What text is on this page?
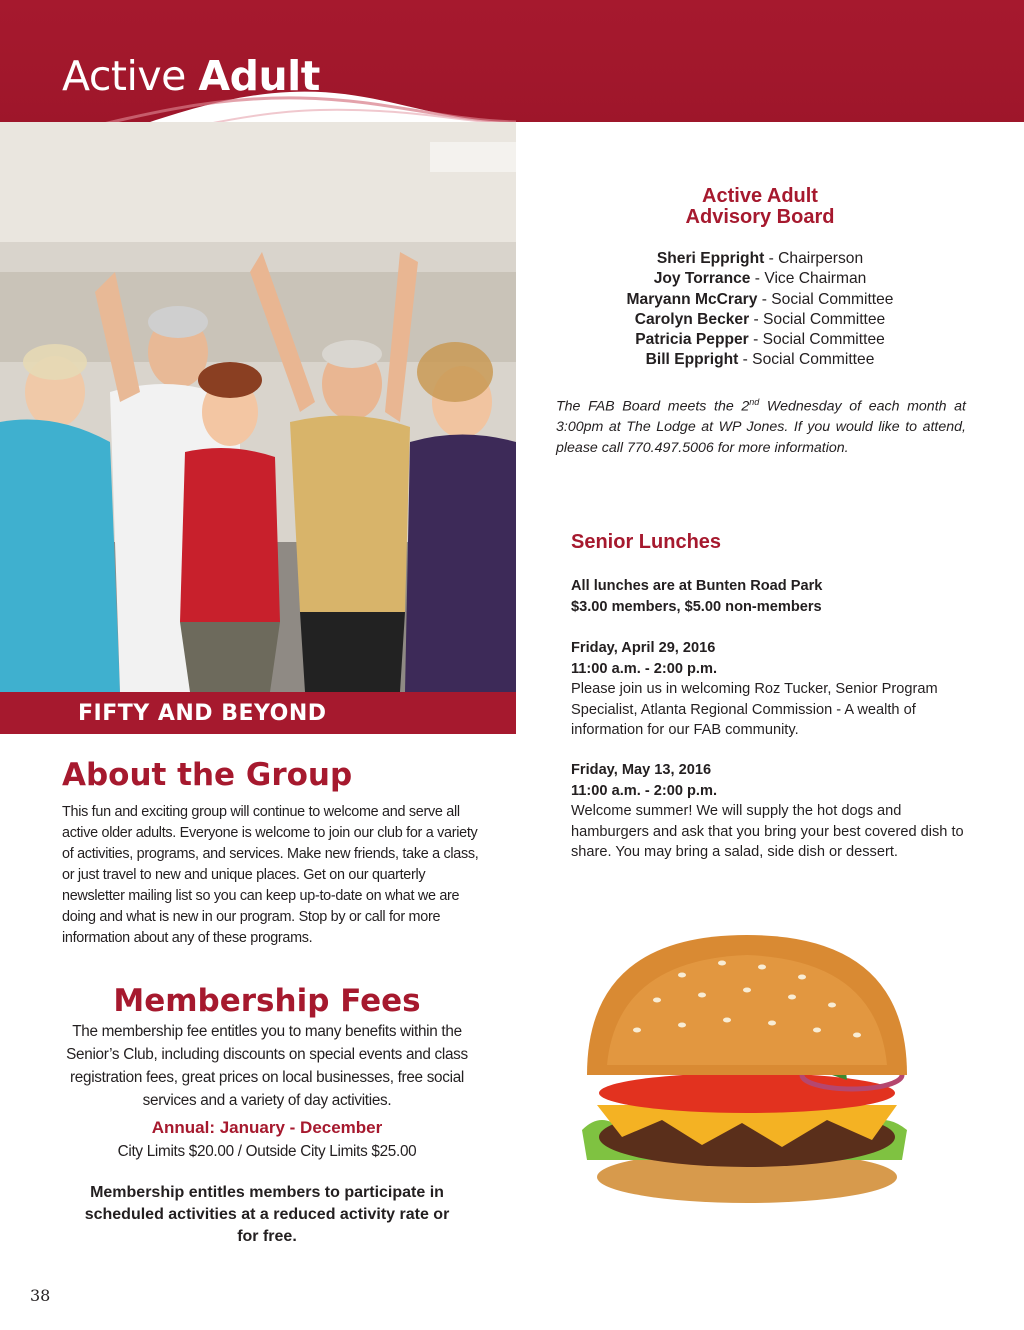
Active Adult
FIFTY AND BEYOND
About the Group

This fun and exciting group will continue to welcome and serve all active older adults. Everyone is welcome to join our club for a variety of activities, programs, and services. Make new friends, take a class, or just travel to new and unique places. Get on our quarterly newsletter mailing list so you can keep up-to-date on what we are doing and what is new in our program. Stop by or call for more information about any of these programs.

Membership Fees

The membership fee entitles you to many benefits within the Senior’s Club, including discounts on special events and class registration fees, great prices on local businesses, free social services and a variety of day activities.

Annual: January - December

City Limits $20.00 / Outside City Limits $25.00

Membership entitles members to participate in scheduled activities at a reduced activity rate or for free.

38
Active Adult
Advisory Board
Sheri Eppright - Chairperson
Joy Torrance - Vice Chairman
Maryann McCrary - Social Committee
Carolyn Becker - Social Committee
Patricia Pepper - Social Committee
Bill Eppright - Social Committee

The FAB Board meets the 2nd Wednesday of each month at 3:00pm at The Lodge at WP Jones. If you would like to attend, please call 770.497.5006 for more information.

Senior Lunches
All lunches are at Bunten Road Park
$3.00 members, $5.00 non-members
Friday, April 29, 2016
11:00 a.m. - 2:00 p.m.
Please join us in welcoming Roz Tucker, Senior Program Specialist, Atlanta Regional Commission - A wealth of information for our FAB community.
Friday, May 13, 2016
11:00 a.m. - 2:00 p.m.
Welcome summer! We will supply the hot dogs and hamburgers and ask that you bring your best covered dish to share. You may bring a salad, side dish or dessert.
